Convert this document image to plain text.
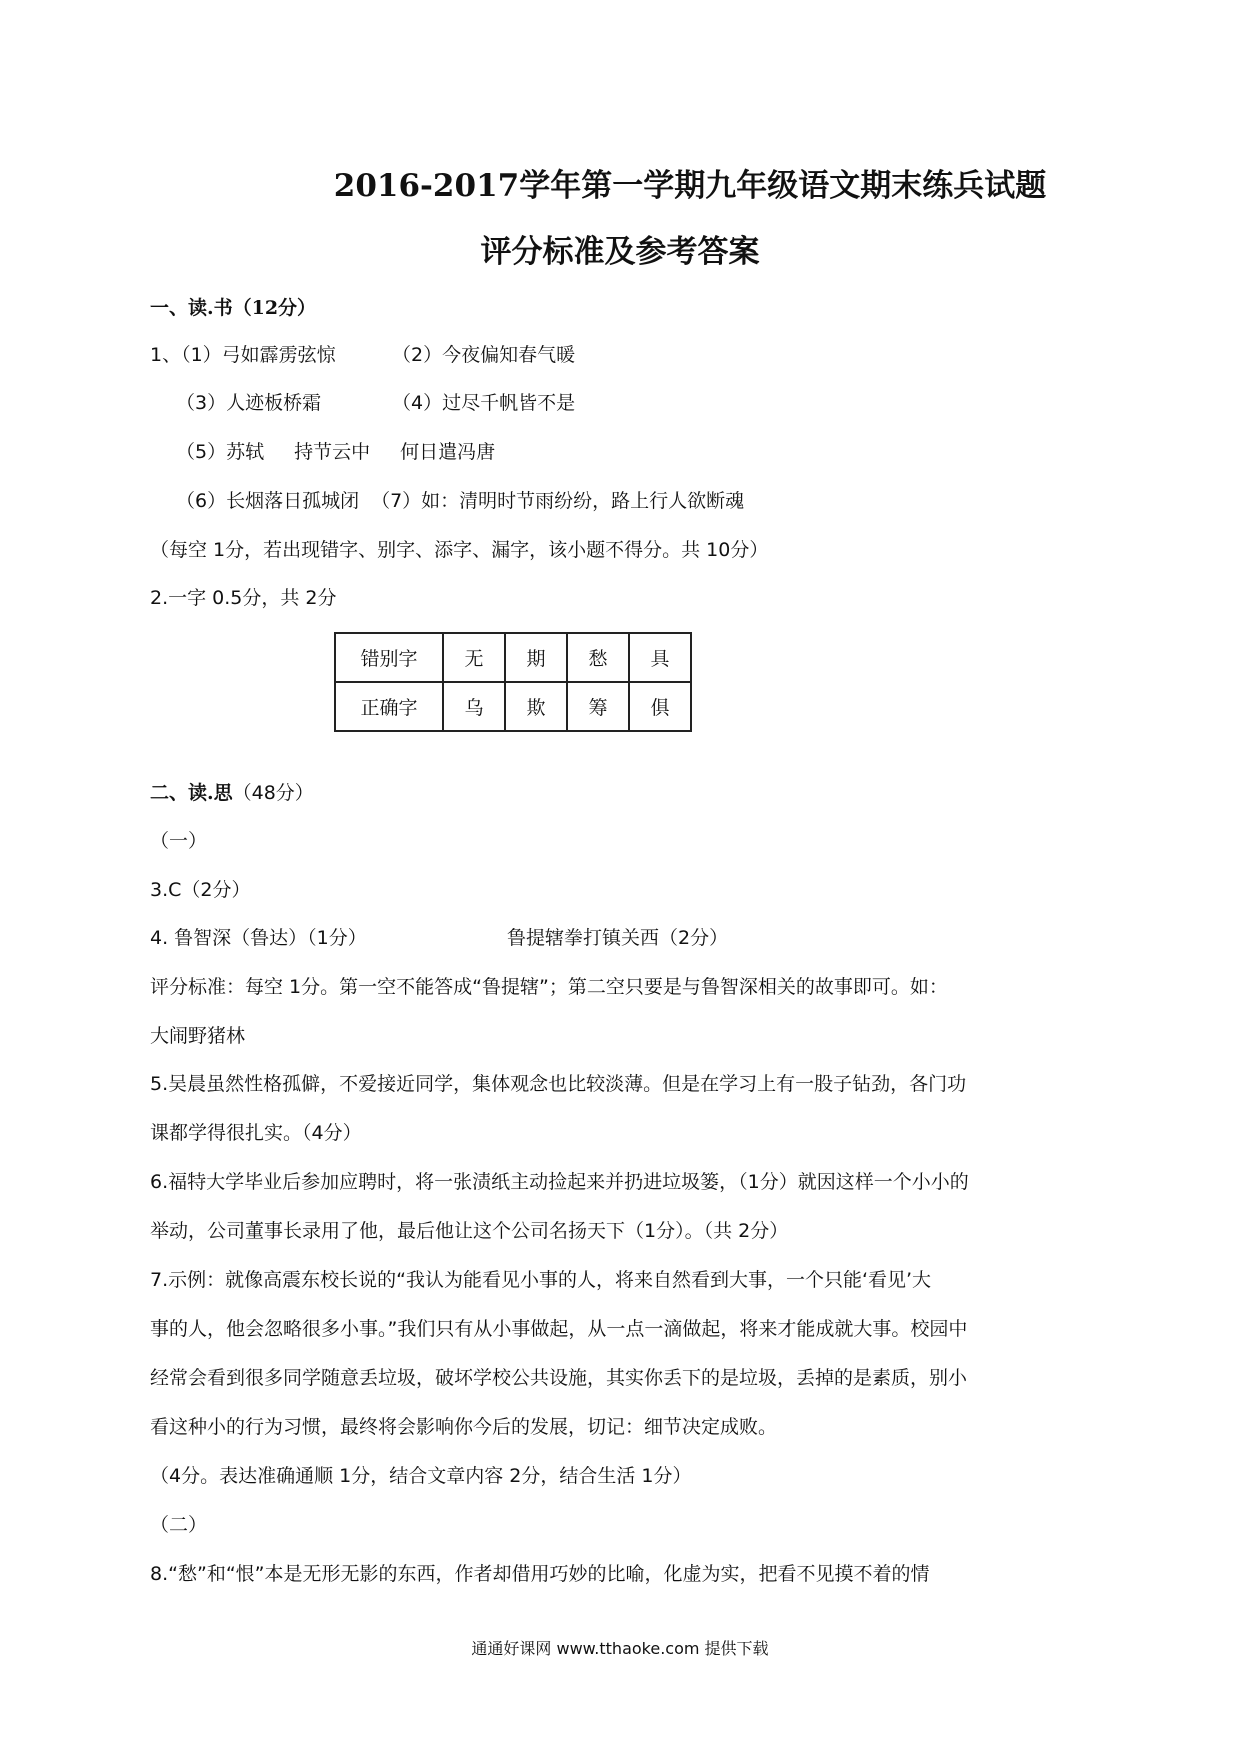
2016-2017学年第一学期九年级语文期末练兵试题
评分标准及参考答案
一、读.书（12分）
1、（1）弓如霹雳弦惊	（2）今夜偏知春气暖
（3）人迹板桥霜	（4）过尽千帆皆不是
（5）苏轼 持节云中 何日遣冯唐
（6）长烟落日孤城闭 （7）如：清明时节雨纷纷，路上行人欲断魂
（每空 1分，若出现错字、别字、添字、漏字，该小题不得分。共 10分）
2.一字 0.5分，共 2分
错别字	无	期	愁	具
正确字	乌	欺	筹	俱
二、读.思（48分）
（一）
3.C（2分）
4. 鲁智深（鲁达）（1分）	鲁提辖拳打镇关西（2分）
评分标准：每空 1分。第一空不能答成“鲁提辖”；第二空只要是与鲁智深相关的故事即可。如：
大闹野猪林
5.吴晨虽然性格孤僻，不爱接近同学，集体观念也比较淡薄。但是在学习上有一股子钻劲，各门功
课都学得很扎实。（4分）
6.福特大学毕业后参加应聘时，将一张渍纸主动捡起来并扔进垃圾篓，（1分）就因这样一个小小的
举动，公司董事长录用了他，最后他让这个公司名扬天下（1分）。（共 2分）
7.示例：就像高震东校长说的“我认为能看见小事的人，将来自然看到大事，一个只能‘看见’大
事的人，他会忽略很多小事。”我们只有从小事做起，从一点一滴做起，将来才能成就大事。校园中
经常会看到很多同学随意丢垃圾，破坏学校公共设施，其实你丢下的是垃圾，丢掉的是素质，别小
看这种小的行为习惯，最终将会影响你今后的发展，切记：细节决定成败。
（4分。表达准确通顺 1分，结合文章内容 2分，结合生活 1分）
（二）
8.“愁”和“恨”本是无形无影的东西，作者却借用巧妙的比喻，化虚为实，把看不见摸不着的情
通通好课网 www.tthaoke.com 提供下载
